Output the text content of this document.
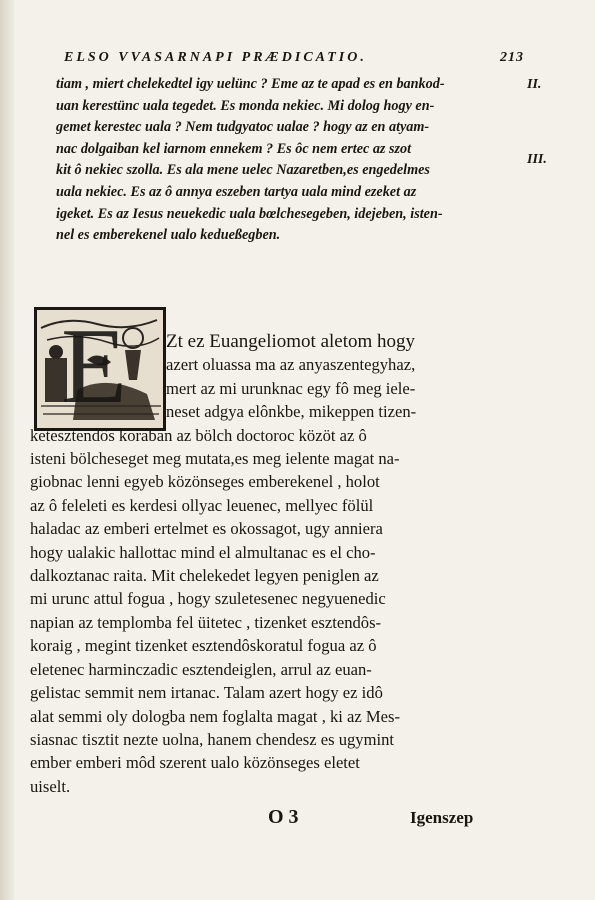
ELSO VVASARNAPI PRÆDICATIO.	213
tiam , miert chelekedtel igy uelünc ? Eme az te apad es en bankod-
uan kerestünc uala tegedet. Es monda nekiec. Mi dolog hogy en-
gemet kerestec uala ? Nem tudgyatoc ualae ? hogy az en atyam-
nac dolgaiban kel iarnom ennekem ? Es ôc nem ertec az szot
kit ô nekiec szolla. Es ala mene uelec Nazaretben,es engedelmes
uala nekiec. Es az ô annya eszeben tartya uala mind ezeket az
igeket. Es az Iesus neuekedic uala bœlchesegeben, idejeben, isten-
nel es emberekenel ualo kedueßegben.
II.
III.
E	Zt ez Euangeliomot aletom hogy
azert oluassa ma az anyaszentegyhaz,
mert az mi urunknac egy fô meg iele-
neset adgya elônkbe, mikeppen tizen-
ketesztendôs koraban az bölch doctoroc közöt az ô
isteni bölcheseget meg mutata,es meg ielente magat na-
giobnac lenni egyeb közönseges emberekenel , holot
az ô feleleti es kerdesi ollyac leuenec, mellyec fölül
haladac az emberi ertelmet es okossagot, ugy anniera
hogy ualakic hallottac mind el almultanac es el cho-
dalkoztanac raita. Mit chelekedet legyen peniglen az
mi urunc attul fogua , hogy szuletesenec negyuenedic
napian az templomba fel üitetec , tizenket esztendôs-
koraig , megint tizenket esztendôskoratul fogua az ô
eletenec harminczadic esztendeiglen, arrul az euan-
gelistac semmit nem irtanac. Talam azert hogy ez idô
alat semmi oly dologba nem foglalta magat , ki az Mes-
siasnac tisztit nezte uolna, hanem chendesz es ugymint
ember emberi môd szerent ualo közönseges eletet
uiselt.
O 3	Igenszep
